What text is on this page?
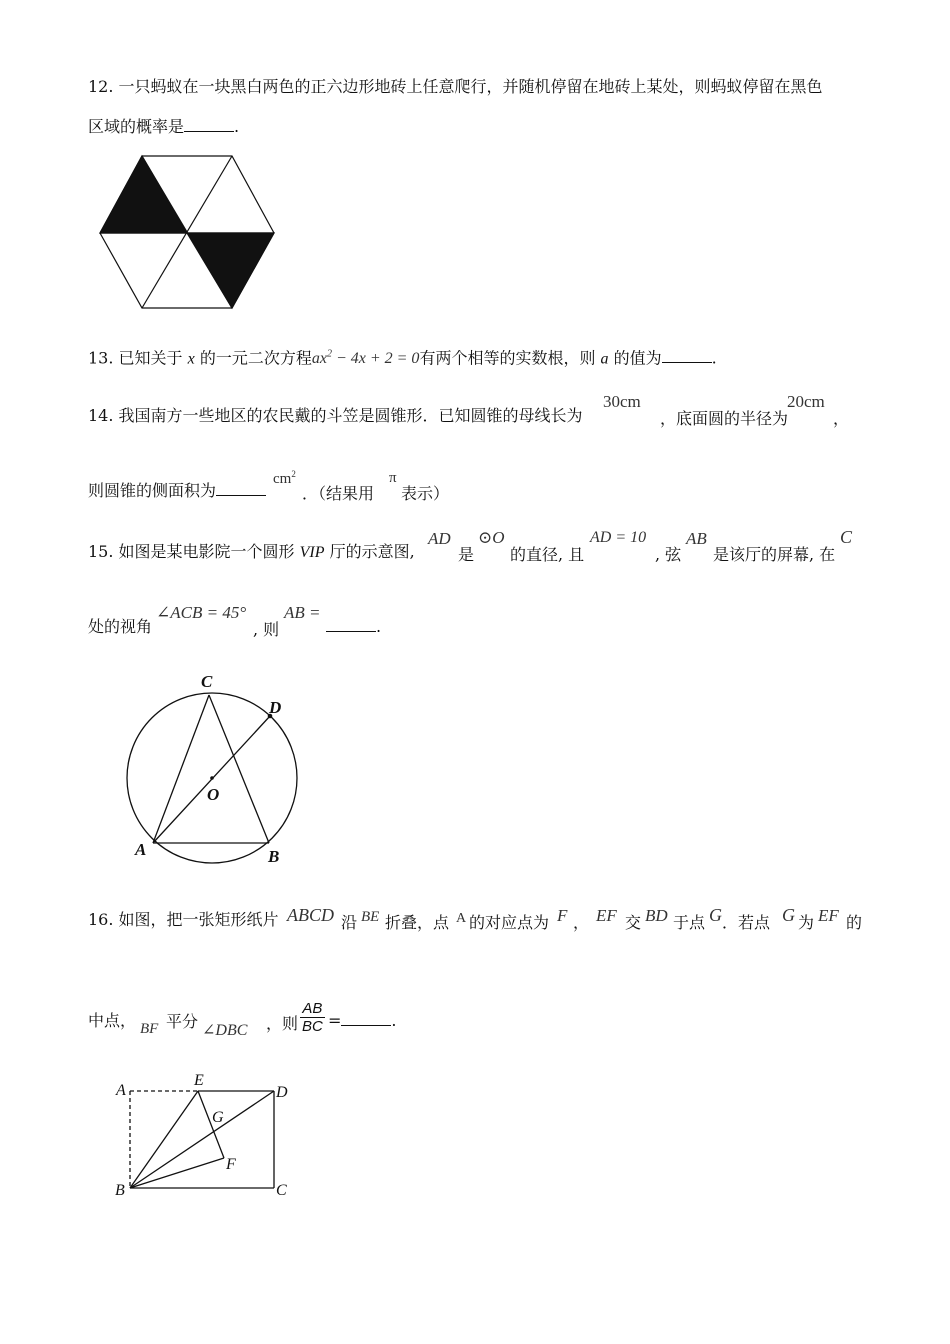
12. 一只蚂蚁在一块黑白两色的正六边形地砖上任意爬行，并随机停留在地砖上某处，则蚂蚁停留在黑色
区域的概率是	.
13. 已知关于 x 的一元二次方程$ax^2 - 4x + 2 = 0$有两个相等的实数根，则 a 的值为	.
14. 我国南方一些地区的农民戴的斗笠是圆锥形．已知圆锥的母线长为
30cm
，底面圆的半径为
20cm
，
则圆锥的侧面积为
$cm^2$
．（结果用
π
表示）
15. 如图是某电影院一个圆形 VIP 厅的示意图,
AD
是
⊙O
的直径, 且
AD = 10
, 弦
AB
是该厅的屏幕, 在
C
处的视角
∠ACB = 45°
, 则
AB =
.
C
D
O
A	B
16. 如图，把一张矩形纸片 ABCD 沿 BE 折叠，点 A 的对应点为 F ， EF 交 BD 于点 G ．若点 G 为 EF 的
中点， BF 平分 ∠DBC ，则 $\frac{AB}{BC}$ =	.
A
E
D
G
F
B	C
